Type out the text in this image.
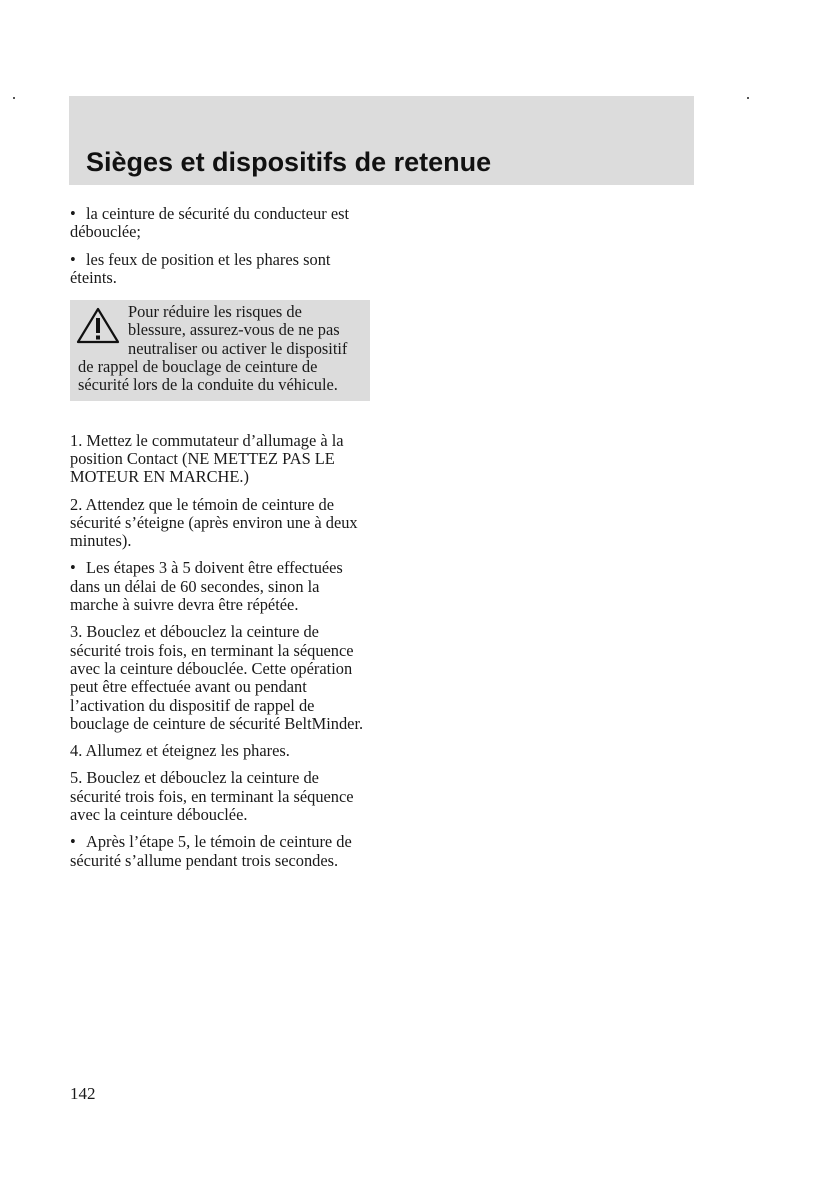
Sièges et dispositifs de retenue

• la ceinture de sécurité du conducteur est débouclée;

• les feux de position et les phares sont éteints.

Pour réduire les risques de blessure, assurez-vous de ne pas neutraliser ou activer le dispositif de rappel de bouclage de ceinture de sécurité lors de la conduite du véhicule.

1. Mettez le commutateur d’allumage à la position Contact (NE METTEZ PAS LE MOTEUR EN MARCHE.)

2. Attendez que le témoin de ceinture de sécurité s’éteigne (après environ une à deux minutes).

• Les étapes 3 à 5 doivent être effectuées dans un délai de 60 secondes, sinon la marche à suivre devra être répétée.

3. Bouclez et débouclez la ceinture de sécurité trois fois, en terminant la séquence avec la ceinture débouclée. Cette opération peut être effectuée avant ou pendant l’activation du dispositif de rappel de bouclage de ceinture de sécurité BeltMinder.

4. Allumez et éteignez les phares.

5. Bouclez et débouclez la ceinture de sécurité trois fois, en terminant la séquence avec la ceinture débouclée.

• Après l’étape 5, le témoin de ceinture de sécurité s’allume pendant trois secondes.

142
